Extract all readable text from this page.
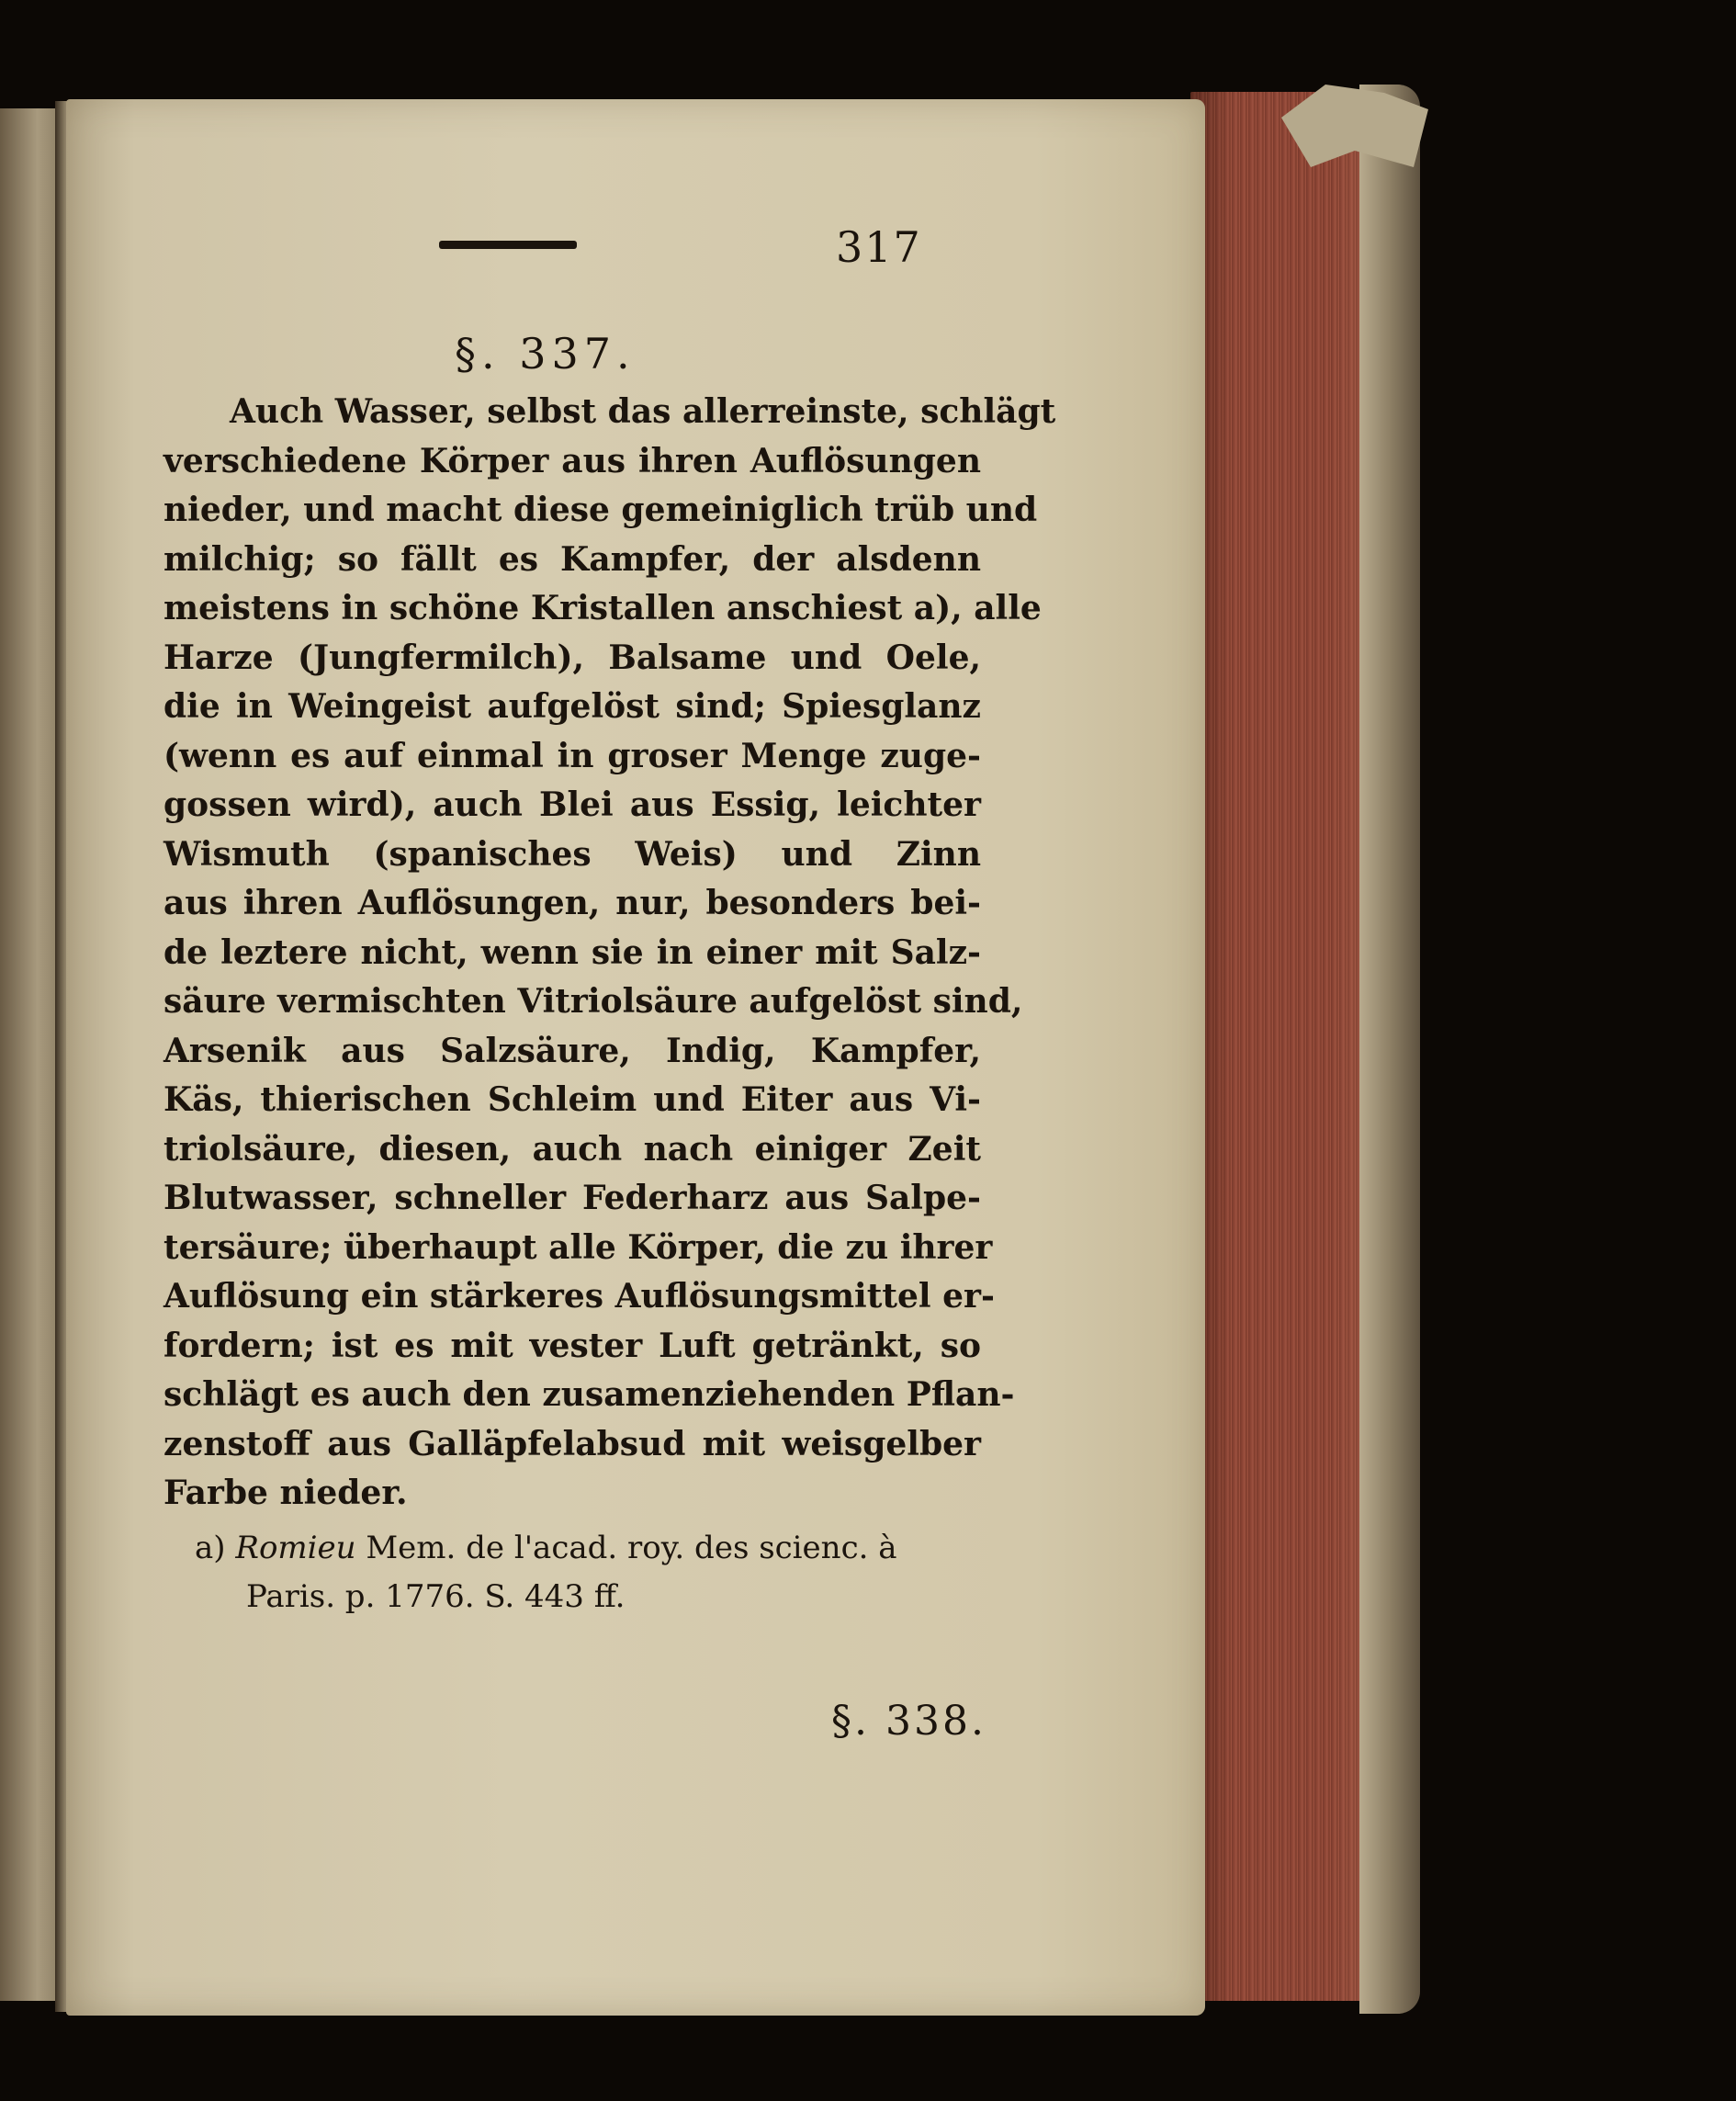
317

§. 337.

Auch Wasser, selbst das allerreinste, schlägt

verschiedene Körper aus ihren Auflösungen

nieder, und macht diese gemeiniglich trüb und

milchig; so fällt es Kampfer, der alsdenn

meistens in schöne Kristallen anschiest a), alle

Harze (Jungfermilch), Balsame und Oele,

die in Weingeist aufgelöst sind; Spiesglanz

(wenn es auf einmal in groser Menge zuge-

gossen wird), auch Blei aus Essig, leichter

Wismuth (spanisches Weis) und Zinn

aus ihren Auflösungen, nur, besonders bei-

de leztere nicht, wenn sie in einer mit Salz-

säure vermischten Vitriolsäure aufgelöst sind,

Arsenik aus Salzsäure, Indig, Kampfer,

Käs, thierischen Schleim und Eiter aus Vi-

triolsäure, diesen, auch nach einiger Zeit

Blutwasser, schneller Federharz aus Salpe-

tersäure; überhaupt alle Körper, die zu ihrer

Auflösung ein stärkeres Auflösungsmittel er-

fordern; ist es mit vester Luft getränkt, so

schlägt es auch den zusamenziehenden Pflan-

zenstoff aus Galläpfelabsud mit weisgelber

Farbe nieder.

a) Romieu Mem. de l'acad. roy. des scienc. à

Paris. p. 1776. S. 443 ff.

§. 338.
